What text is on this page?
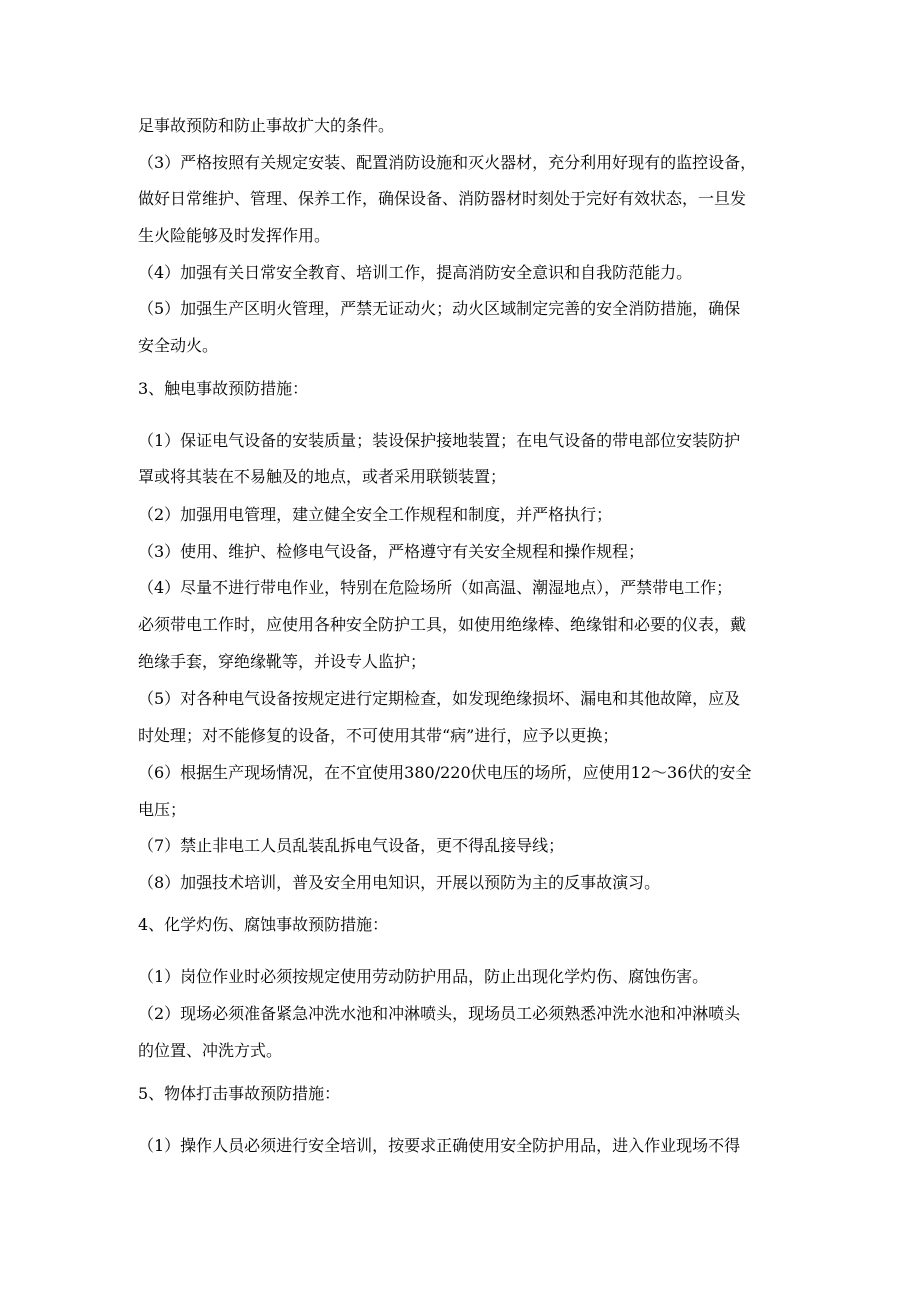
足事故预防和防止事故扩大的条件。
（3）严格按照有关规定安装、配置消防设施和灭火器材，充分利用好现有的监控设备，
做好日常维护、管理、保养工作，确保设备、消防器材时刻处于完好有效状态，一旦发
生火险能够及时发挥作用。
（4）加强有关日常安全教育、培训工作，提高消防安全意识和自我防范能力。
（5）加强生产区明火管理，严禁无证动火；动火区域制定完善的安全消防措施，确保
安全动火。
3、触电事故预防措施：
（1）保证电气设备的安装质量；装设保护接地装置；在电气设备的带电部位安装防护
罩或将其装在不易触及的地点，或者采用联锁装置；
（2）加强用电管理，建立健全安全工作规程和制度，并严格执行；
（3）使用、维护、检修电气设备，严格遵守有关安全规程和操作规程；
（4）尽量不进行带电作业，特别在危险场所（如高温、潮湿地点），严禁带电工作；
必须带电工作时，应使用各种安全防护工具，如使用绝缘棒、绝缘钳和必要的仪表，戴
绝缘手套，穿绝缘靴等，并设专人监护；
（5）对各种电气设备按规定进行定期检查，如发现绝缘损坏、漏电和其他故障，应及
时处理；对不能修复的设备，不可使用其带“病”进行，应予以更换；
（6）根据生产现场情况，在不宜使用380/220伏电压的场所，应使用12～36伏的安全
电压；
（7）禁止非电工人员乱装乱拆电气设备，更不得乱接导线；
（8）加强技术培训，普及安全用电知识，开展以预防为主的反事故演习。
4、化学灼伤、腐蚀事故预防措施：
（1）岗位作业时必须按规定使用劳动防护用品，防止出现化学灼伤、腐蚀伤害。
（2）现场必须准备紧急冲洗水池和冲淋喷头，现场员工必须熟悉冲洗水池和冲淋喷头
的位置、冲洗方式。
5、物体打击事故预防措施：
（1）操作人员必须进行安全培训，按要求正确使用安全防护用品，进入作业现场不得
